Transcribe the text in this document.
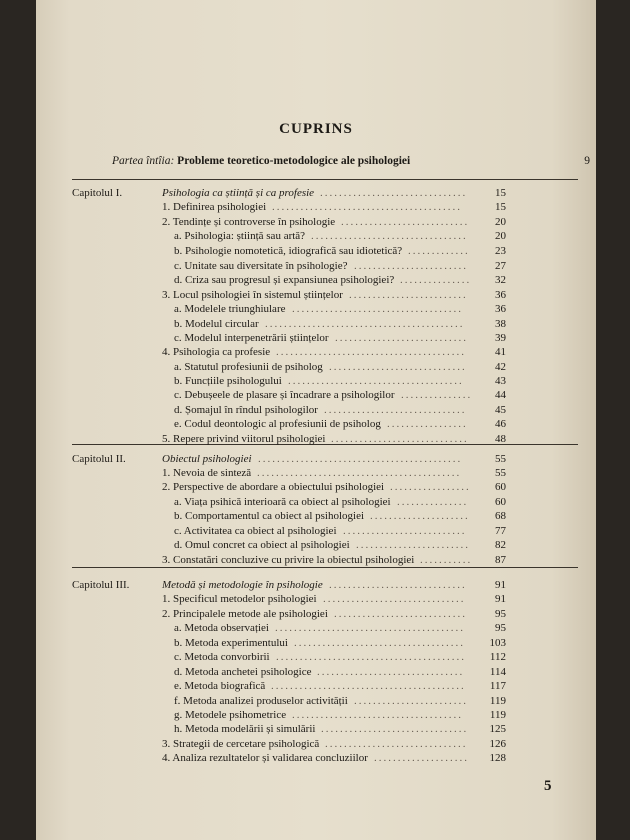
CUPRINS
Partea întîia: Probleme teoretico-metodologice ale psihologiei	9
Capitolul I.	Psihologia ca știință și ca profesie ...............................	15
1. Definirea psihologiei ........................................	15
2. Tendințe și controverse în psihologie ...........................	20
a. Psihologia: știință sau artă? .................................	20
b. Psihologie nomotetică, idiografică sau idiotetică? .............	23
c. Unitate sau diversitate în psihologie? ........................	27
d. Criza sau progresul și expansiunea psihologiei? ...............	32
3. Locul psihologiei în sistemul științelor .........................	36
a. Modelele triunghiulare ....................................	36
b. Modelul circular ..........................................	38
c. Modelul interpenetrării științelor ............................	39
4. Psihologia ca profesie ........................................	41
a. Statutul profesiunii de psiholog .............................	42
b. Funcțiile psihologului .....................................	43
c. Debușeele de plasare și încadrare a psihologilor ...............	44
d. Șomajul în rîndul psihologilor ..............................	45
e. Codul deontologic al profesiunii de psiholog .................	46
5. Repere privind viitorul psihologiei .............................	48
Capitolul II.	Obiectul psihologiei ...........................................	55
1. Nevoia de sinteză ...........................................	55
2. Perspective de abordare a obiectului psihologiei .................	60
a. Viața psihică interioară ca obiect al psihologiei ...............	60
b. Comportamentul ca obiect al psihologiei .....................	68
c. Activitatea ca obiect al psihologiei ..........................	77
d. Omul concret ca obiect al psihologiei ........................	82
3. Constatări concluzive cu privire la obiectul psihologiei ...........	87
Capitolul III.	Metodă și metodologie în psihologie .............................	91
1. Specificul metodelor psihologiei ..............................	91
2. Principalele metode ale psihologiei ............................	95
a. Metoda observației ........................................	95
b. Metoda experimentului ....................................	103
c. Metoda convorbirii ........................................	112
d. Metoda anchetei psihologice ...............................	114
e. Metoda biografică .........................................	117
f. Metoda analizei produselor activității ........................	119
g. Metodele psihometrice ....................................	119
h. Metoda modelării și simulării ...............................	125
3. Strategii de cercetare psihologică ..............................	126
4. Analiza rezultatelor și validarea concluziilor ....................	128
5
